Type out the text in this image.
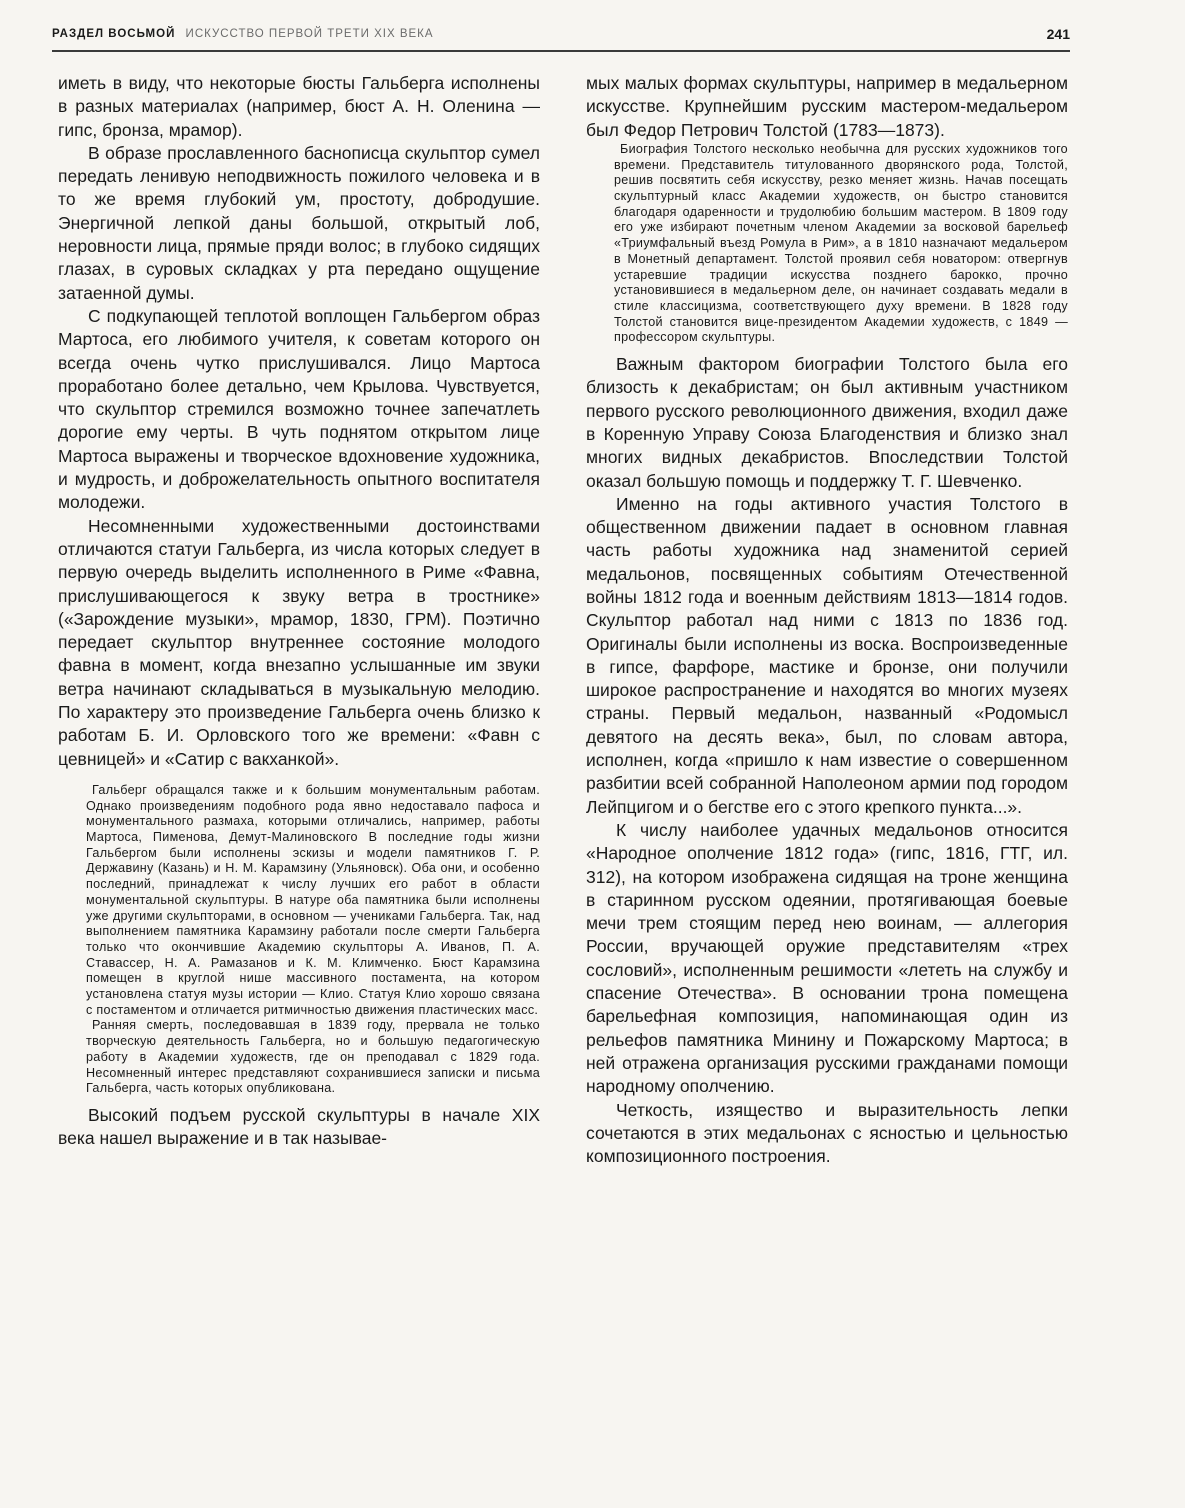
РАЗДЕЛ ВОСЬМОЙ ИСКУССТВО ПЕРВОЙ ТРЕТИ XIX ВЕКА	241

иметь в виду, что некоторые бюсты Гальберга исполнены в разных материалах (например, бюст А. Н. Оленина — гипс, бронза, мрамор).

В образе прославленного баснописца скульптор сумел передать ленивую неподвижность пожилого человека и в то же время глубокий ум, простоту, добродушие. Энергичной лепкой даны большой, открытый лоб, неровности лица, прямые пряди волос; в глубоко сидящих глазах, в суровых складках у рта передано ощущение затаенной думы.

С подкупающей теплотой воплощен Гальбергом образ Мартоса, его любимого учителя, к советам которого он всегда очень чутко прислушивался. Лицо Мартоса проработано более детально, чем Крылова. Чувствуется, что скульптор стремился возможно точнее запечатлеть дорогие ему черты. В чуть поднятом открытом лице Мартоса выражены и творческое вдохновение художника, и мудрость, и доброжелательность опытного воспитателя молодежи.

Несомненными художественными достоинствами отличаются статуи Гальберга, из числа которых следует в первую очередь выделить исполненного в Риме «Фавна, прислушивающегося к звуку ветра в тростнике» («Зарождение музыки», мрамор, 1830, ГРМ). Поэтично передает скульптор внутреннее состояние молодого фавна в момент, когда внезапно услышанные им звуки ветра начинают складываться в музыкальную мелодию. По характеру это произведение Гальберга очень близко к работам Б. И. Орловского того же времени: «Фавн с цевницей» и «Сатир с вакханкой».

Гальберг обращался также и к большим монументальным работам. Однако произведениям подобного рода явно недоставало пафоса и монументального размаха, которыми отличались, например, работы Мартоса, Пименова, Демут-Малиновского В последние годы жизни Гальбергом были исполнены эскизы и модели памятников Г. Р. Державину (Казань) и Н. М. Карамзину (Ульяновск). Оба они, и особенно последний, принадлежат к числу лучших его работ в области монументальной скульптуры. В натуре оба памятника были исполнены уже другими скульпторами, в основном — учениками Гальберга. Так, над выполнением памятника Карамзину работали после смерти Гальберга только что окончившие Академию скульпторы А. Иванов, П. А. Ставассер, Н. А. Рамазанов и К. М. Климченко. Бюст Карамзина помещен в круглой нише массивного постамента, на котором установлена статуя музы истории — Клио. Статуя Клио хорошо связана с постаментом и отличается ритмичностью движения пластических масс.

Ранняя смерть, последовавшая в 1839 году, прервала не только творческую деятельность Гальберга, но и большую педагогическую работу в Академии художеств, где он преподавал с 1829 года. Несомненный интерес представляют сохранившиеся записки и письма Гальберга, часть которых опубликована.

Высокий подъем русской скульптуры в начале XIX века нашел выражение и в так называе-

мых малых формах скульптуры, например в медальерном искусстве. Крупнейшим русским мастером-медальером был Федор Петрович Толстой (1783—1873).

Биография Толстого несколько необычна для русских художников того времени. Представитель титулованного дворянского рода, Толстой, решив посвятить себя искусству, резко меняет жизнь. Начав посещать скульптурный класс Академии художеств, он быстро становится благодаря одаренности и трудолюбию большим мастером. В 1809 году его уже избирают почетным членом Академии за восковой барельеф «Триумфальный въезд Ромула в Рим», а в 1810 назначают медальером в Монетный департамент. Толстой проявил себя новатором: отвергнув устаревшие традиции искусства позднего барокко, прочно установившиеся в медальерном деле, он начинает создавать медали в стиле классицизма, соответствующего духу времени. В 1828 году Толстой становится вице-президентом Академии художеств, с 1849 — профессором скульптуры.

Важным фактором биографии Толстого была его близость к декабристам; он был активным участником первого русского революционного движения, входил даже в Коренную Управу Союза Благоденствия и близко знал многих видных декабристов. Впоследствии Толстой оказал большую помощь и поддержку Т. Г. Шевченко.

Именно на годы активного участия Толстого в общественном движении падает в основном главная часть работы художника над знаменитой серией медальонов, посвященных событиям Отечественной войны 1812 года и военным действиям 1813—1814 годов. Скульптор работал над ними с 1813 по 1836 год. Оригиналы были исполнены из воска. Воспроизведенные в гипсе, фарфоре, мастике и бронзе, они получили широкое распространение и находятся во многих музеях страны. Первый медальон, названный «Родомысл девятого на десять века», был, по словам автора, исполнен, когда «пришло к нам известие о совершенном разбитии всей собранной Наполеоном армии под городом Лейпцигом и о бегстве его с этого крепкого пункта...».

К числу наиболее удачных медальонов относится «Народное ополчение 1812 года» (гипс, 1816, ГТГ, ил. 312), на котором изображена сидящая на троне женщина в старинном русском одеянии, протягивающая боевые мечи трем стоящим перед нею воинам, — аллегория России, вручающей оружие представителям «трех сословий», исполненным решимости «лететь на службу и спасение Отечества». В основании трона помещена барельефная композиция, напоминающая один из рельефов памятника Минину и Пожарскому Мартоса; в ней отражена организация русскими гражданами помощи народному ополчению.

Четкость, изящество и выразительность лепки сочетаются в этих медальонах с ясностью и цельностью композиционного построения.
